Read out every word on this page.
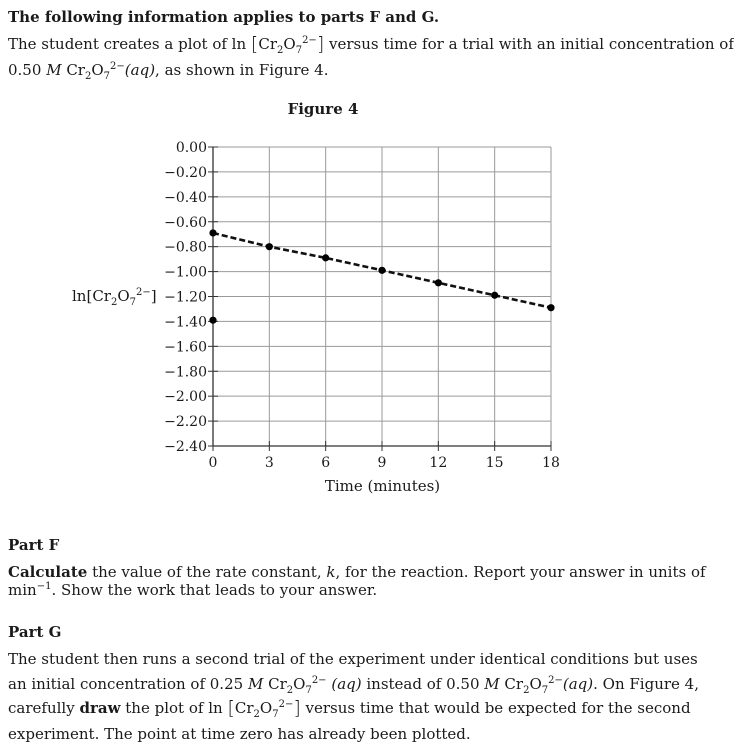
The following information applies to parts F and G.
The student creates a plot of $\ln [Cr_2O_7^{2-}]$ versus time for a trial with an initial concentration of
0.50 M $Cr_2O_7^{2-}(aq)$, as shown in Figure 4.
Figure 4
0.00
−0.20
−0.40
−0.60
−0.80
−1.00
−1.20
−1.40
−1.60
−1.80
−2.00
−2.20
−2.40
0	3	6	9	12	15	18
$\ln[Cr_2O_7^{2-}]$
Time (minutes)
Part F
Calculate the value of the rate constant, k, for the reaction. Report your answer in units of
$\min^{-1}$. Show the work that leads to your answer.
Part G
The student then runs a second trial of the experiment under identical conditions but uses
an initial concentration of 0.25 M $Cr_2O_7^{2-}$ (aq) instead of 0.50 M $Cr_2O_7^{2-}(aq)$. On Figure 4,
carefully draw the plot of $\ln [Cr_2O_7^{2-}]$ versus time that would be expected for the second
experiment. The point at time zero has already been plotted.
